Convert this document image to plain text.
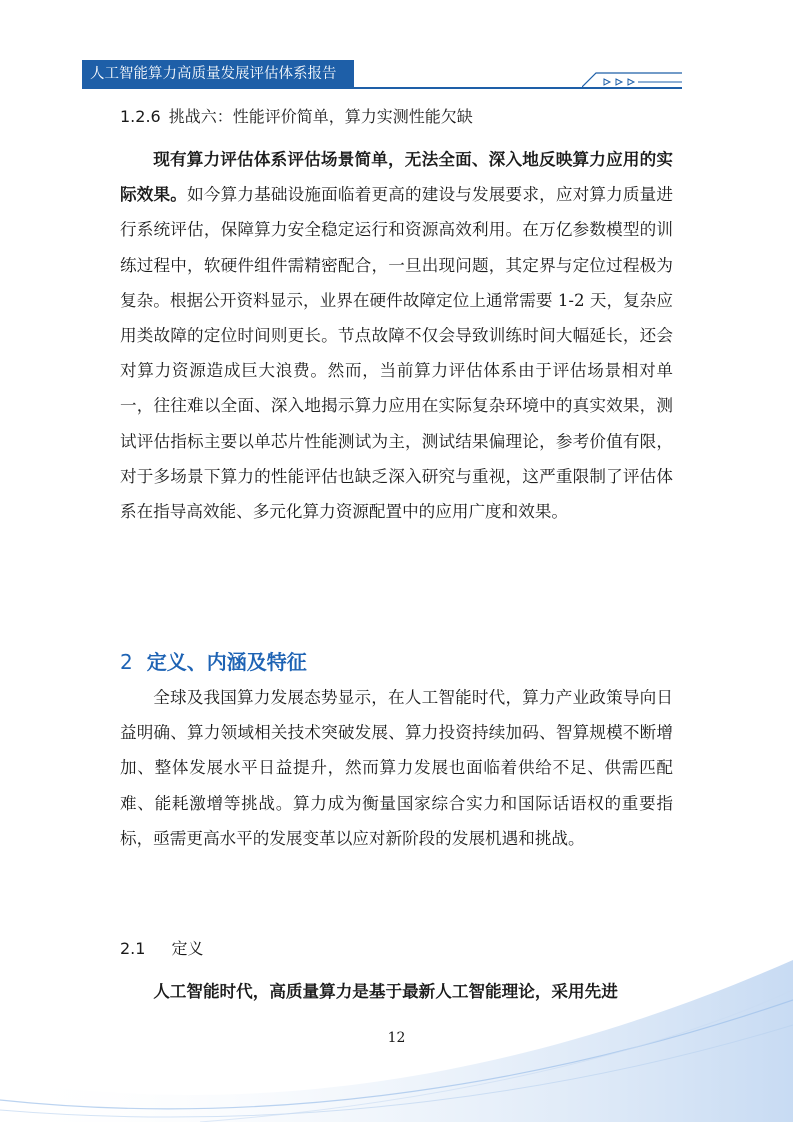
人工智能算力高质量发展评估体系报告
1.2.6 挑战六：性能评价简单，算力实测性能欠缺

现有算力评估体系评估场景简单，无法全面、深入地反映算力应用的实际效果。如今算力基础设施面临着更高的建设与发展要求，应对算力质量进行系统评估，保障算力安全稳定运行和资源高效利用。在万亿参数模型的训练过程中，软硬件组件需精密配合，一旦出现问题，其定界与定位过程极为复杂。根据公开资料显示，业界在硬件故障定位上通常需要 1-2 天，复杂应用类故障的定位时间则更长。节点故障不仅会导致训练时间大幅延长，还会对算力资源造成巨大浪费。然而，当前算力评估体系由于评估场景相对单一，往往难以全面、深入地揭示算力应用在实际复杂环境中的真实效果，测试评估指标主要以单芯片性能测试为主，测试结果偏理论，参考价值有限，对于多场景下算力的性能评估也缺乏深入研究与重视，这严重限制了评估体系在指导高效能、多元化算力资源配置中的应用广度和效果。

2 定义、内涵及特征

全球及我国算力发展态势显示，在人工智能时代，算力产业政策导向日益明确、算力领域相关技术突破发展、算力投资持续加码、智算规模不断增加、整体发展水平日益提升，然而算力发展也面临着供给不足、供需匹配难、能耗激增等挑战。算力成为衡量国家综合实力和国际话语权的重要指标，亟需更高水平的发展变革以应对新阶段的发展机遇和挑战。

2.1 定义

人工智能时代，高质量算力是基于最新人工智能理论，采用先进

12
